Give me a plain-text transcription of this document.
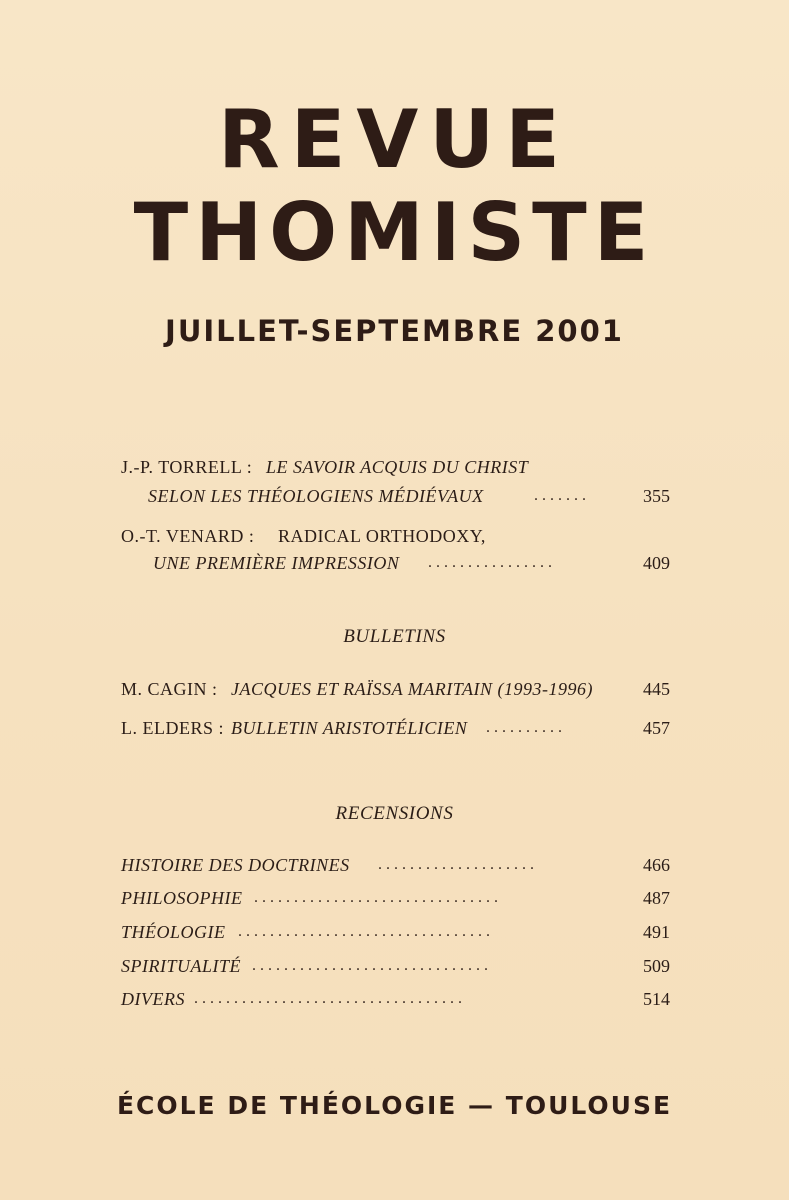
REVUE
THOMISTE
JUILLET-SEPTEMBRE 2001
J.-P. TORRELL : LE SAVOIR ACQUIS DU CHRIST
SELON LES THÉOLOGIENS MÉDIÉVAUX	.......	355
O.-T. VENARD : RADICAL ORTHODOXY,
UNE PREMIÈRE IMPRESSION ................	409
BULLETINS
M. CAGIN : JACQUES ET RAÏSSA MARITAIN (1993-1996)	445
L. ELDERS : BULLETIN ARISTOTÉLICIEN ..........	457
RECENSIONS
HISTOIRE DES DOCTRINES ....................	466
PHILOSOPHIE ...............................	487
THÉOLOGIE ................................	491
SPIRITUALITÉ ..............................	509
DIVERS ..................................	514
ÉCOLE DE THÉOLOGIE — TOULOUSE
